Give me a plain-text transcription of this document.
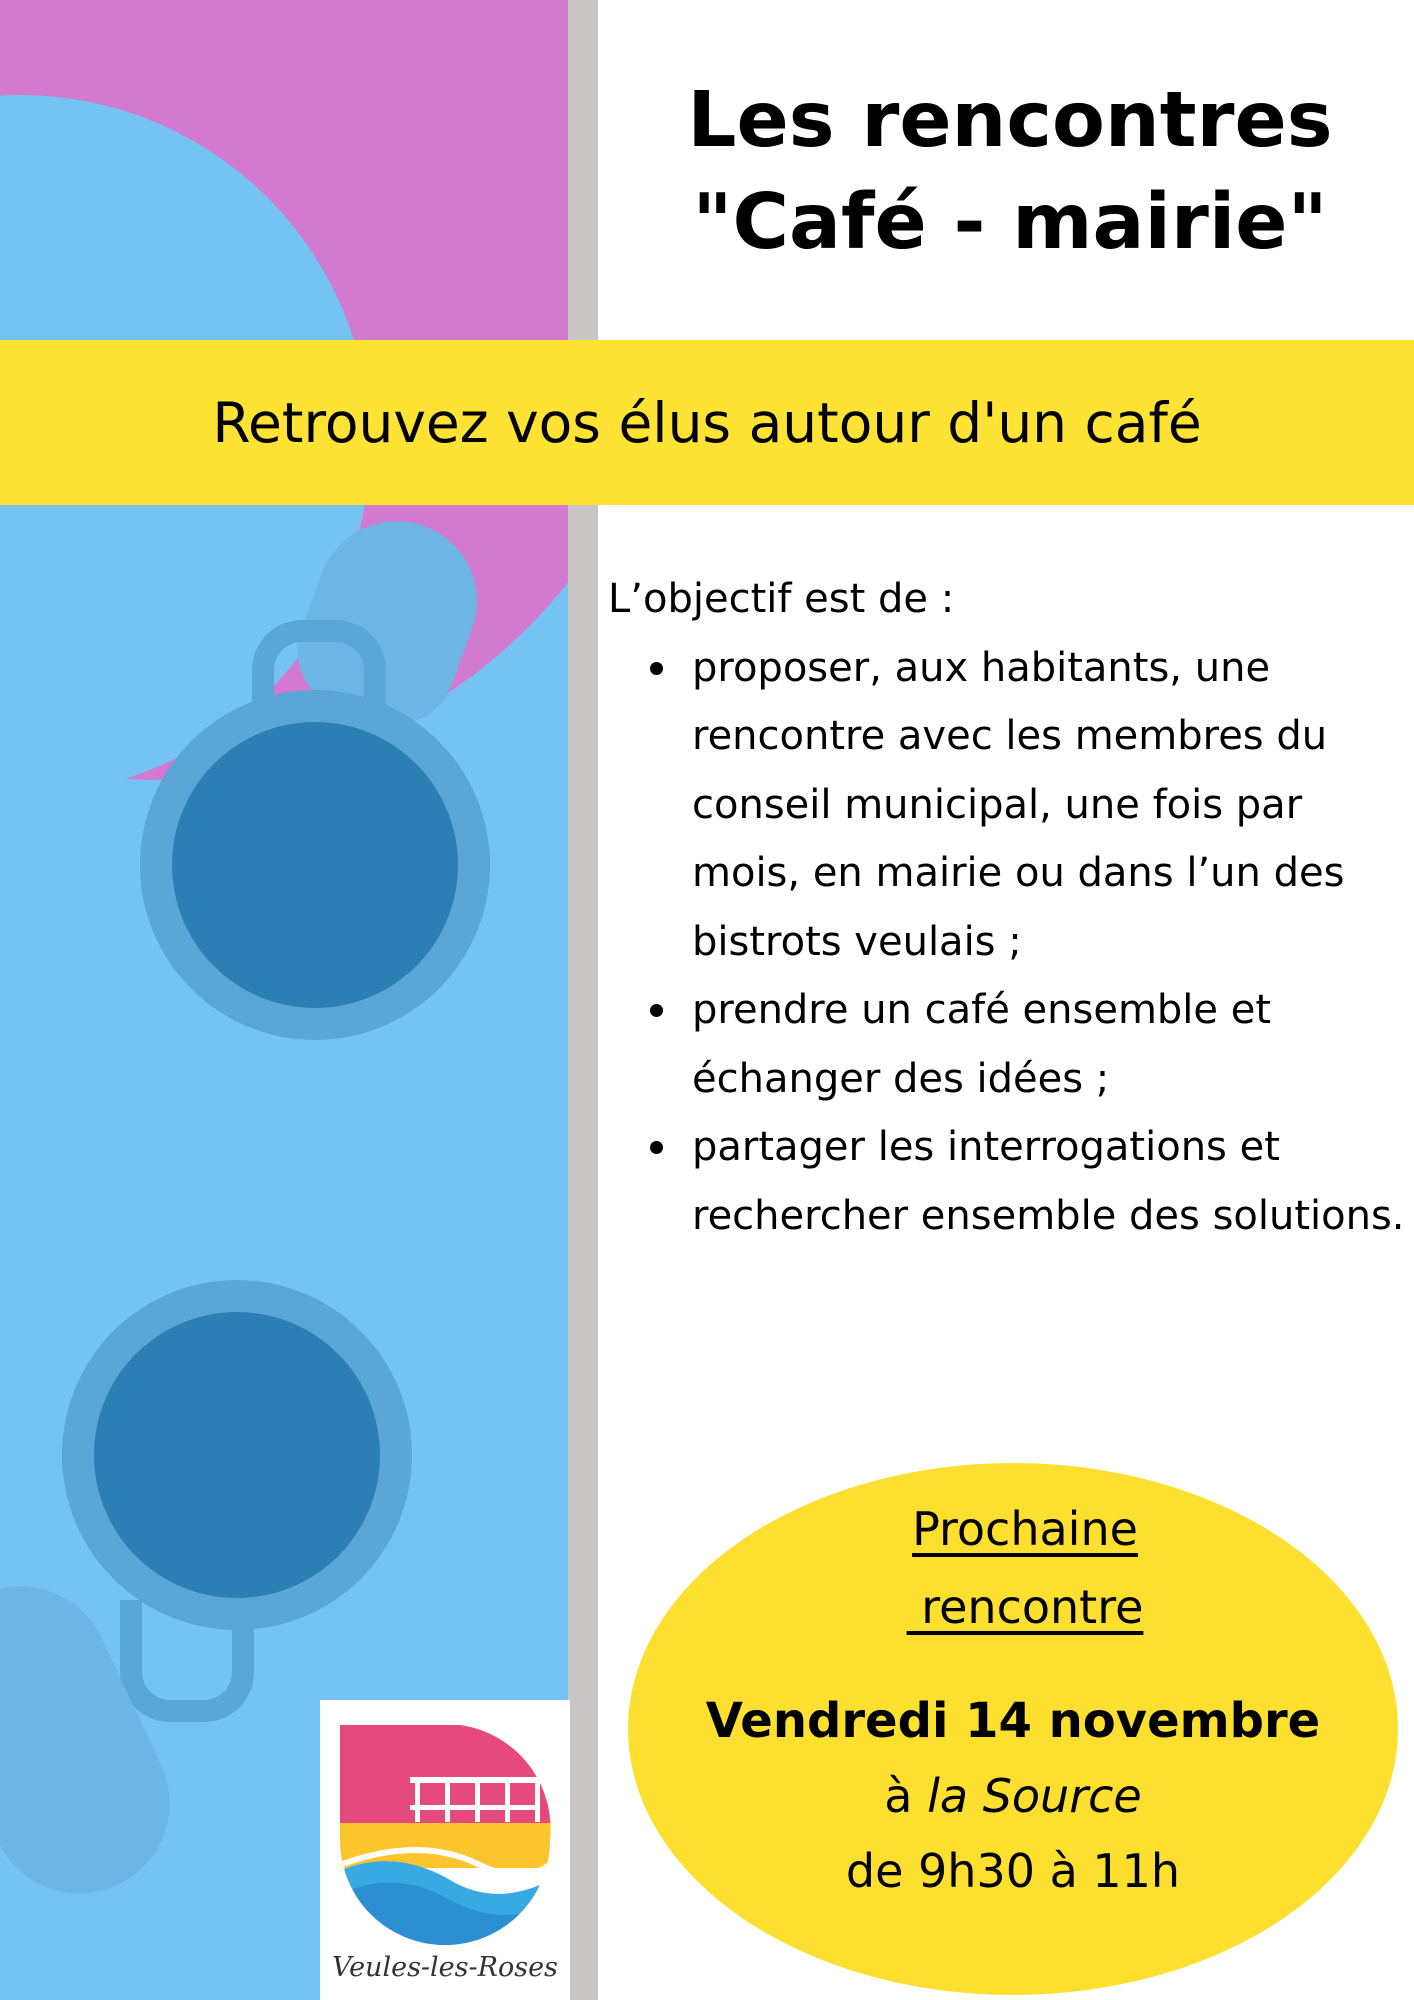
Les rencontres
"Café - mairie"
Retrouvez vos élus autour d'un café

L’objectif est de :

proposer, aux habitants, une rencontre avec les membres du conseil municipal, une fois par mois, en mairie ou dans l’un des bistrots veulais ;
prendre un café ensemble et échanger des idées ;
partager les interrogations et rechercher ensemble des solutions.
Prochaine
rencontre
Vendredi 14 novembre
à la Source
de 9h30 à 11h
Veules-les-Roses
